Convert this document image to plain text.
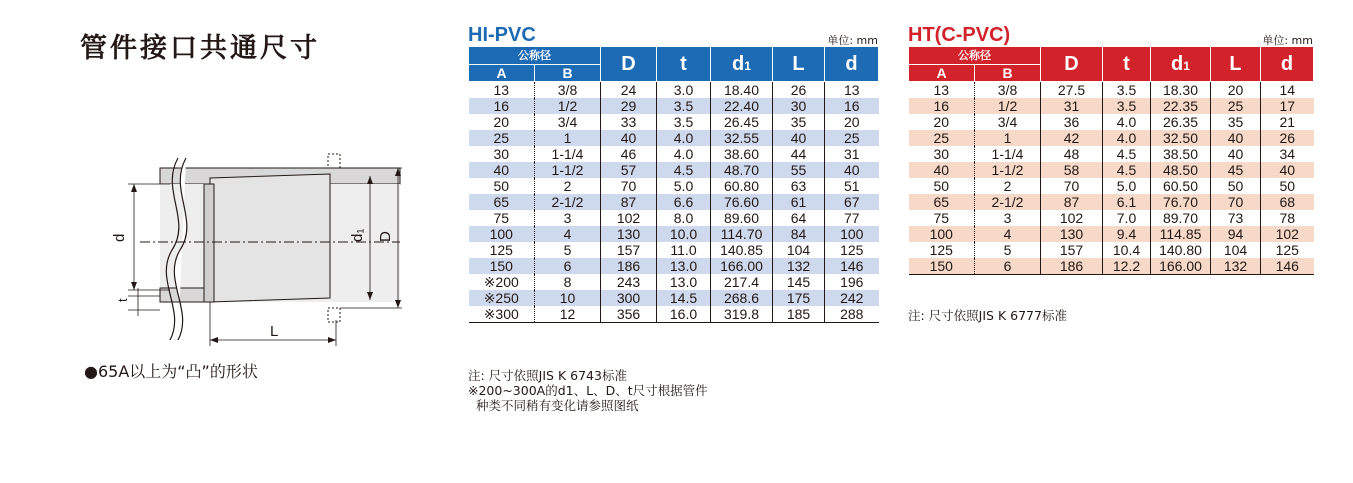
管件接口共通尺寸
d
t
d₁ D
L
●65A以上为“凸”的形状
HI-PVC	单位: mm
公称径		D	t	d1	L	d
A	B					
13	3/8	24	3.0	18.40	26	13
16	1/2	29	3.5	22.40	30	16
20	3/4	33	3.5	26.45	35	20
25	1	40	4.0	32.55	40	25
30	1-1/4	46	4.0	38.60	44	31
40	1-1/2	57	4.5	48.70	55	40
50	2	70	5.0	60.80	63	51
65	2-1/2	87	6.6	76.60	61	67
75	3	102	8.0	89.60	64	77
100	4	130	10.0	114.70	84	100
125	5	157	11.0	140.85	104	125
150	6	186	13.0	166.00	132	146
※200	8	243	13.0	217.4	145	196
※250	10	300	14.5	268.6	175	242
※300	12	356	16.0	319.8	185	288
注: 尺寸依照JIS K 6743标准
※200~300A的d1、L、D、t尺寸根据管件
种类不同稍有变化请参照图纸
HT(C-PVC)	单位: mm
公称径		D	t	d1	L	d
A	B					
13	3/8	27.5	3.5	18.30	20	14
16	1/2	31	3.5	22.35	25	17
20	3/4	36	4.0	26.35	35	21
25	1	42	4.0	32.50	40	26
30	1-1/4	48	4.5	38.50	40	34
40	1-1/2	58	4.5	48.50	45	40
50	2	70	5.0	60.50	50	50
65	2-1/2	87	6.1	76.70	70	68
75	3	102	7.0	89.70	73	78
100	4	130	9.4	114.85	94	102
125	5	157	10.4	140.80	104	125
150	6	186	12.2	166.00	132	146
注: 尺寸依照JIS K 6777标准
